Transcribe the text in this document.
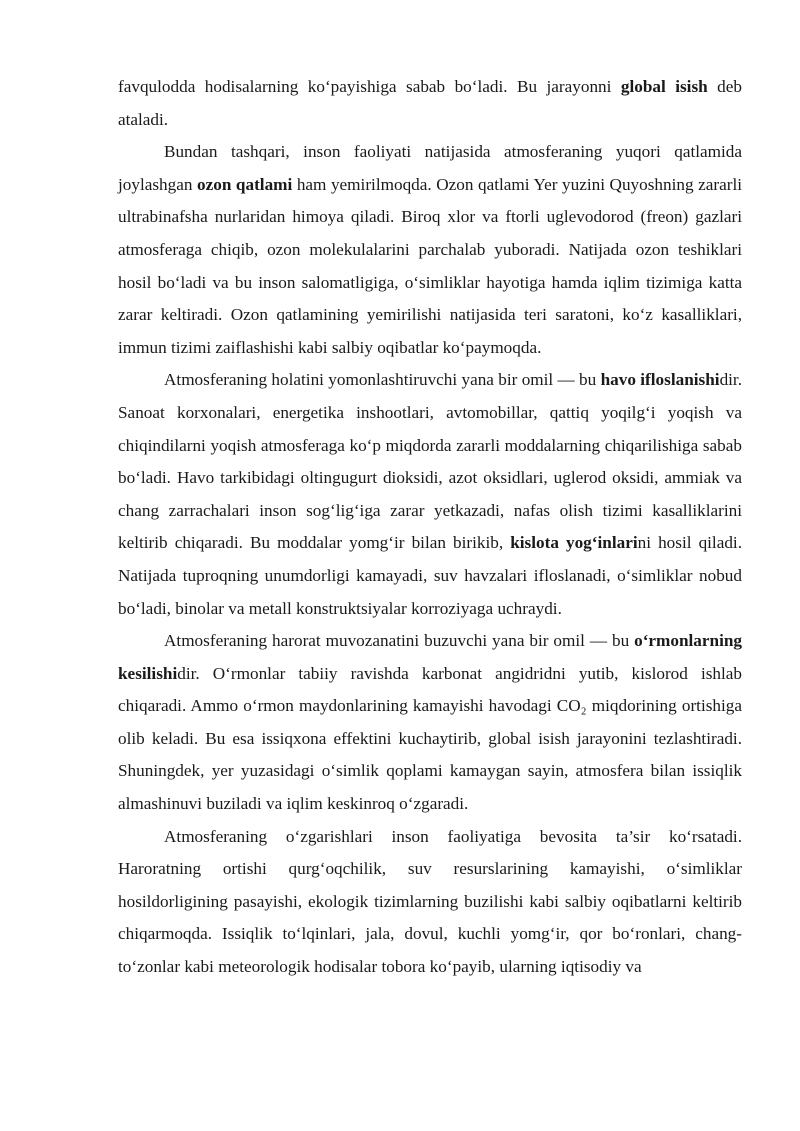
favqulodda hodisalarning ko‘payishiga sabab bo‘ladi. Bu jarayonni global isish deb ataladi.

Bundan tashqari, inson faoliyati natijasida atmosferaning yuqori qatlamida joylashgan ozon qatlami ham yemirilmoqda. Ozon qatlami Yer yuzini Quyoshning zararli ultrabinafsha nurlaridan himoya qiladi. Biroq xlor va ftorli uglevodorod (freon) gazlari atmosferaga chiqib, ozon molekulalarini parchalab yuboradi. Natijada ozon teshiklari hosil bo‘ladi va bu inson salomatligiga, o‘simliklar hayotiga hamda iqlim tizimiga katta zarar keltiradi. Ozon qatlamining yemirilishi natijasida teri saratoni, ko‘z kasalliklari, immun tizimi zaiflashishi kabi salbiy oqibatlar ko‘paymoqda.

Atmosferaning holatini yomonlashtiruvchi yana bir omil — bu havo ifloslanishidir. Sanoat korxonalari, energetika inshootlari, avtomobillar, qattiq yoqilg‘i yoqish va chiqindilarni yoqish atmosferaga ko‘p miqdorda zararli moddalarning chiqarilishiga sabab bo‘ladi. Havo tarkibidagi oltingugurt dioksidi, azot oksidlari, uglerod oksidi, ammiak va chang zarrachalari inson sog‘lig‘iga zarar yetkazadi, nafas olish tizimi kasalliklarini keltirib chiqaradi. Bu moddalar yomg‘ir bilan birikib, kislota yog‘inlarini hosil qiladi. Natijada tuproqning unumdorligi kamayadi, suv havzalari ifloslanadi, o‘simliklar nobud bo‘ladi, binolar va metall konstruktsiyalar korroziyaga uchraydi.

Atmosferaning harorat muvozanatini buzuvchi yana bir omil — bu o‘rmonlarning kesilishidir. O‘rmonlar tabiiy ravishda karbonat angidridni yutib, kislorod ishlab chiqaradi. Ammo o‘rmon maydonlarining kamayishi havodagi CO₂ miqdorining ortishiga olib keladi. Bu esa issiqxona effektini kuchaytirib, global isish jarayonini tezlashtiradi. Shuningdek, yer yuzasidagi o‘simlik qoplami kamaygan sayin, atmosfera bilan issiqlik almashinuvi buziladi va iqlim keskinroq o‘zgaradi.

Atmosferaning o‘zgarishlari inson faoliyatiga bevosita ta’sir ko‘rsatadi. Haroratning ortishi qurg‘oqchilik, suv resurslarining kamayishi, o‘simliklar hosildorligining pasayishi, ekologik tizimlarning buzilishi kabi salbiy oqibatlarni keltirib chiqarmoqda. Issiqlik to‘lqinlari, jala, dovul, kuchli yomg‘ir, qor bo‘ronlari, chang-to‘zonlar kabi meteorologik hodisalar tobora ko‘payib, ularning iqtisodiy va
